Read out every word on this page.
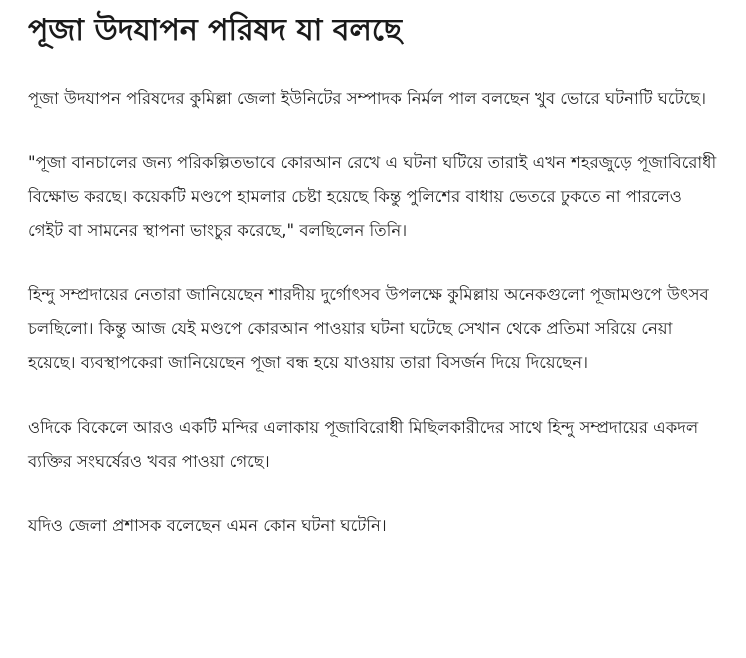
পূজা উদযাপন পরিষদ যা বলছে

পূজা উদযাপন পরিষদের কুমিল্লা জেলা ইউনিটের সম্পাদক নির্মল পাল বলছেন খুব ভোরে ঘটনাটি ঘটেছে।

"পূজা বানচালের জন্য পরিকল্পিতভাবে কোরআন রেখে এ ঘটনা ঘটিয়ে তারাই এখন শহরজুড়ে পূজাবিরোধী বিক্ষোভ করছে। কয়েকটি মণ্ডপে হামলার চেষ্টা হয়েছে কিন্তু পুলিশের বাধায় ভেতরে ঢুকতে না পারলেও গেইট বা সামনের স্থাপনা ভাংচুর করেছে," বলছিলেন তিনি।

হিন্দু সম্প্রদায়ের নেতারা জানিয়েছেন শারদীয় দুর্গোৎসব উপলক্ষে কুমিল্লায় অনেকগুলো পূজামণ্ডপে উৎসব চলছিলো। কিন্তু আজ যেই মণ্ডপে কোরআন পাওয়ার ঘটনা ঘটেছে সেখান থেকে প্রতিমা সরিয়ে নেয়া হয়েছে। ব্যবস্থাপকেরা জানিয়েছেন পূজা বন্ধ হয়ে যাওয়ায় তারা বিসর্জন দিয়ে দিয়েছেন।

ওদিকে বিকেলে আরও একটি মন্দির এলাকায় পূজাবিরোধী মিছিলকারীদের সাথে হিন্দু সম্প্রদায়ের একদল ব্যক্তির সংঘর্ষেরও খবর পাওয়া গেছে।

যদিও জেলা প্রশাসক বলেছেন এমন কোন ঘটনা ঘটেনি।
